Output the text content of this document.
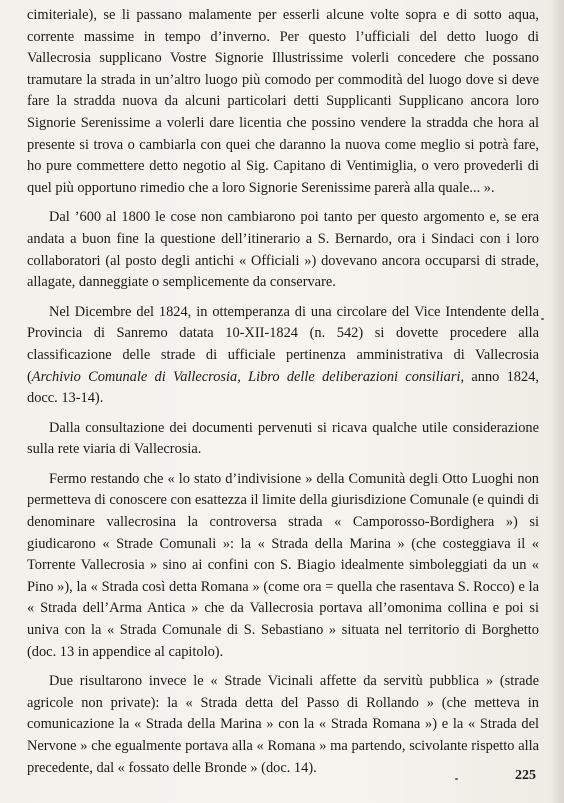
cimiteriale), se li passano malamente per esserli alcune volte sopra e di sotto aqua, corrente massime in tempo d’inverno. Per questo l’ufficiali del detto luogo di Vallecrosia supplicano Vostre Signorie Illustrissime volerli concedere che possano tramutare la strada in un’altro luogo più comodo per commodità del luogo dove si deve fare la stradda nuova da alcuni particolari detti Supplicanti Supplicano ancora loro Signorie Serenissime a volerli dare licentia che possino vendere la stradda che hora al presente si trova o cambiarla con quei che daranno la nuova come meglio si potrà fare, ho pure commettere detto negotio al Sig. Capitano di Ventimiglia, o vero provederli di quel più opportuno rimedio che a loro Signorie Serenissime parerà alla quale... ».

Dal ’600 al 1800 le cose non cambiarono poi tanto per questo argomento e, se era andata a buon fine la questione dell’itinerario a S. Bernardo, ora i Sindaci con i loro collaboratori (al posto degli antichi « Officiali ») dovevano ancora occuparsi di strade, allagate, danneggiate o semplicemente da conservare.

Nel Dicembre del 1824, in ottemperanza di una circolare del Vice Intendente della Provincia di Sanremo datata 10-XII-1824 (n. 542) si dovette procedere alla classificazione delle strade di ufficiale pertinenza amministrativa di Vallecrosia (Archivio Comunale di Vallecrosia, Libro delle deliberazioni consiliari, anno 1824, docc. 13-14).

Dalla consultazione dei documenti pervenuti si ricava qualche utile considerazione sulla rete viaria di Vallecrosia.

Fermo restando che « lo stato d’indivisione » della Comunità degli Otto Luoghi non permetteva di conoscere con esattezza il limite della giurisdizione Comunale (e quindi di denominare vallecrosina la controversa strada « Camporosso-Bordighera ») si giudicarono « Strade Comunali »: la « Strada della Marina » (che costeggiava il « Torrente Vallecrosia » sino ai confini con S. Biagio idealmente simboleggiati da un « Pino »), la « Strada così detta Romana » (come ora = quella che rasentava S. Rocco) e la « Strada dell’Arma Antica » che da Vallecrosia portava all’omonima collina e poi si univa con la « Strada Comunale di S. Sebastiano » situata nel territorio di Borghetto (doc. 13 in appendice al capitolo).

Due risultarono invece le « Strade Vicinali affette da servitù pubblica » (strade agricole non private): la « Strada detta del Passo di Rollando » (che metteva in comunicazione la « Strada della Marina » con la « Strada Romana ») e la « Strada del Nervone » che egualmente portava alla « Romana » ma partendo, scivolante rispetto alla precedente, dal « fossato delle Bronde » (doc. 14).	225
